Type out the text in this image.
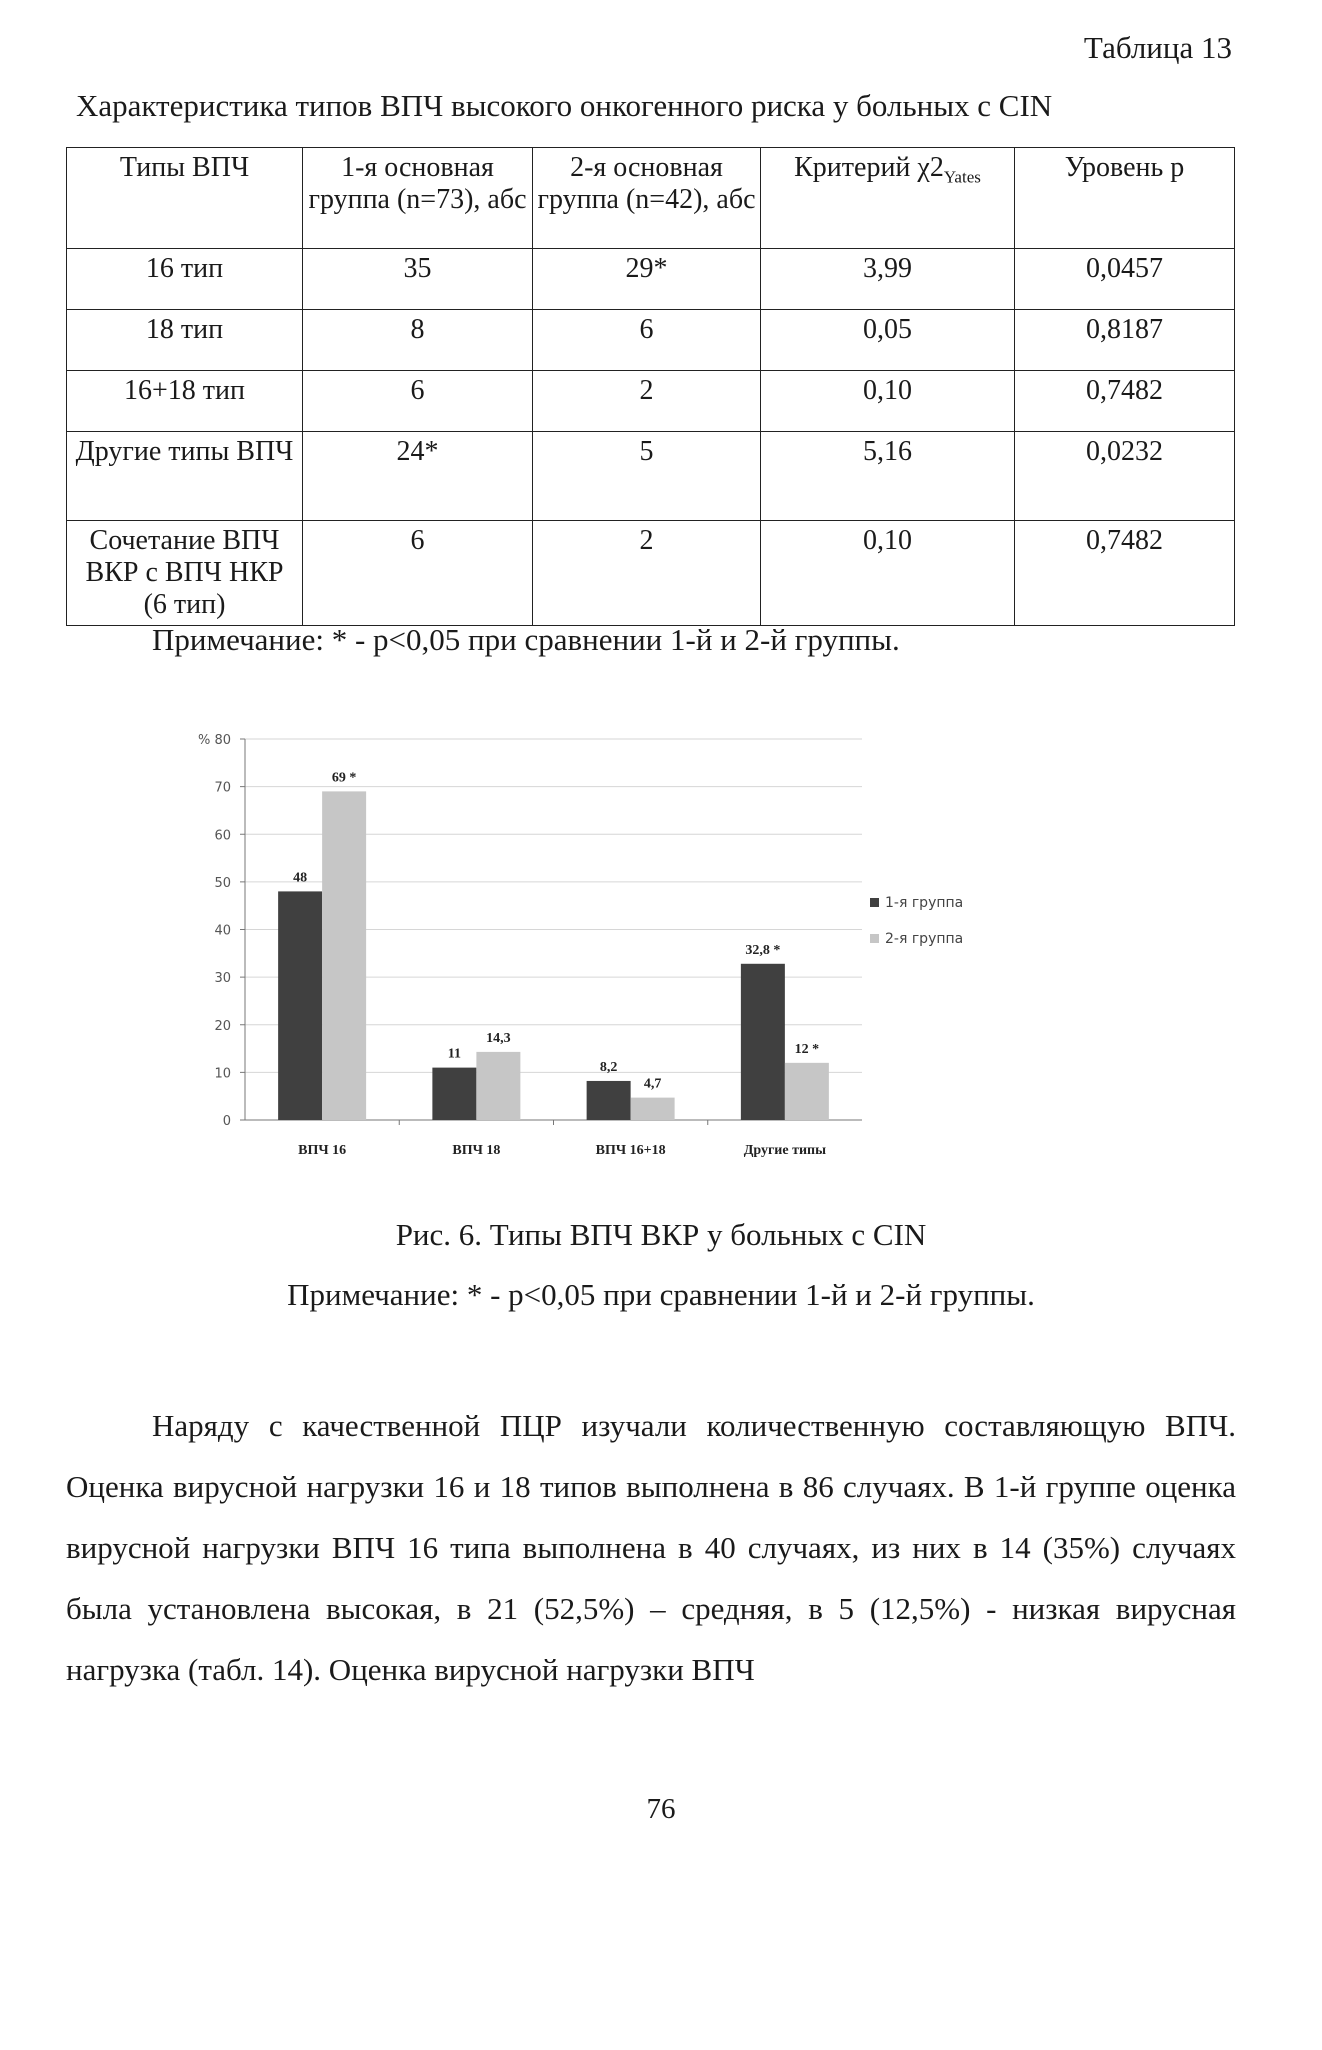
Таблица 13
Характеристика типов ВПЧ высокого онкогенного риска у больных с CIN
Типы ВПЧ	1-я основная группа (n=73), абс	2-я основная группа (n=42), абс	Критерий $\chi 2_{Yates}$	Уровень p
16 тип	35	29*	3,99	0,0457
18 тип	8	6	0,05	0,8187
16+18 тип	6	2	0,10	0,7482
Другие типы ВПЧ	24*	5	5,16	0,0232
Сочетание ВПЧ ВКР с ВПЧ НКР (6 тип)	6	2	0,10	0,7482
Примечание: * - p<0,05 при сравнении 1-й и 2-й группы.
0
10
20
30
40
50
60
70
% 80
ВПЧ 16
48
69 *
ВПЧ 18
11
14,3
ВПЧ 16+18
8,2
4,7
Другие типы
32,8 *
12 *
1-я группа
2-я группа
Рис. 6. Типы ВПЧ ВКР у больных с CIN
Примечание: * - p<0,05 при сравнении 1-й и 2-й группы.
Наряду с качественной ПЦР изучали количественную составляющую ВПЧ. Оценка вирусной нагрузки 16 и 18 типов выполнена в 86 случаях. В 1-й группе оценка вирусной нагрузки ВПЧ 16 типа выполнена в 40 случаях, из них в 14 (35%) случаях была установлена высокая, в 21 (52,5%) – средняя, в 5 (12,5%) - низкая вирусная нагрузка (табл. 14). Оценка вирусной нагрузки ВПЧ
76
